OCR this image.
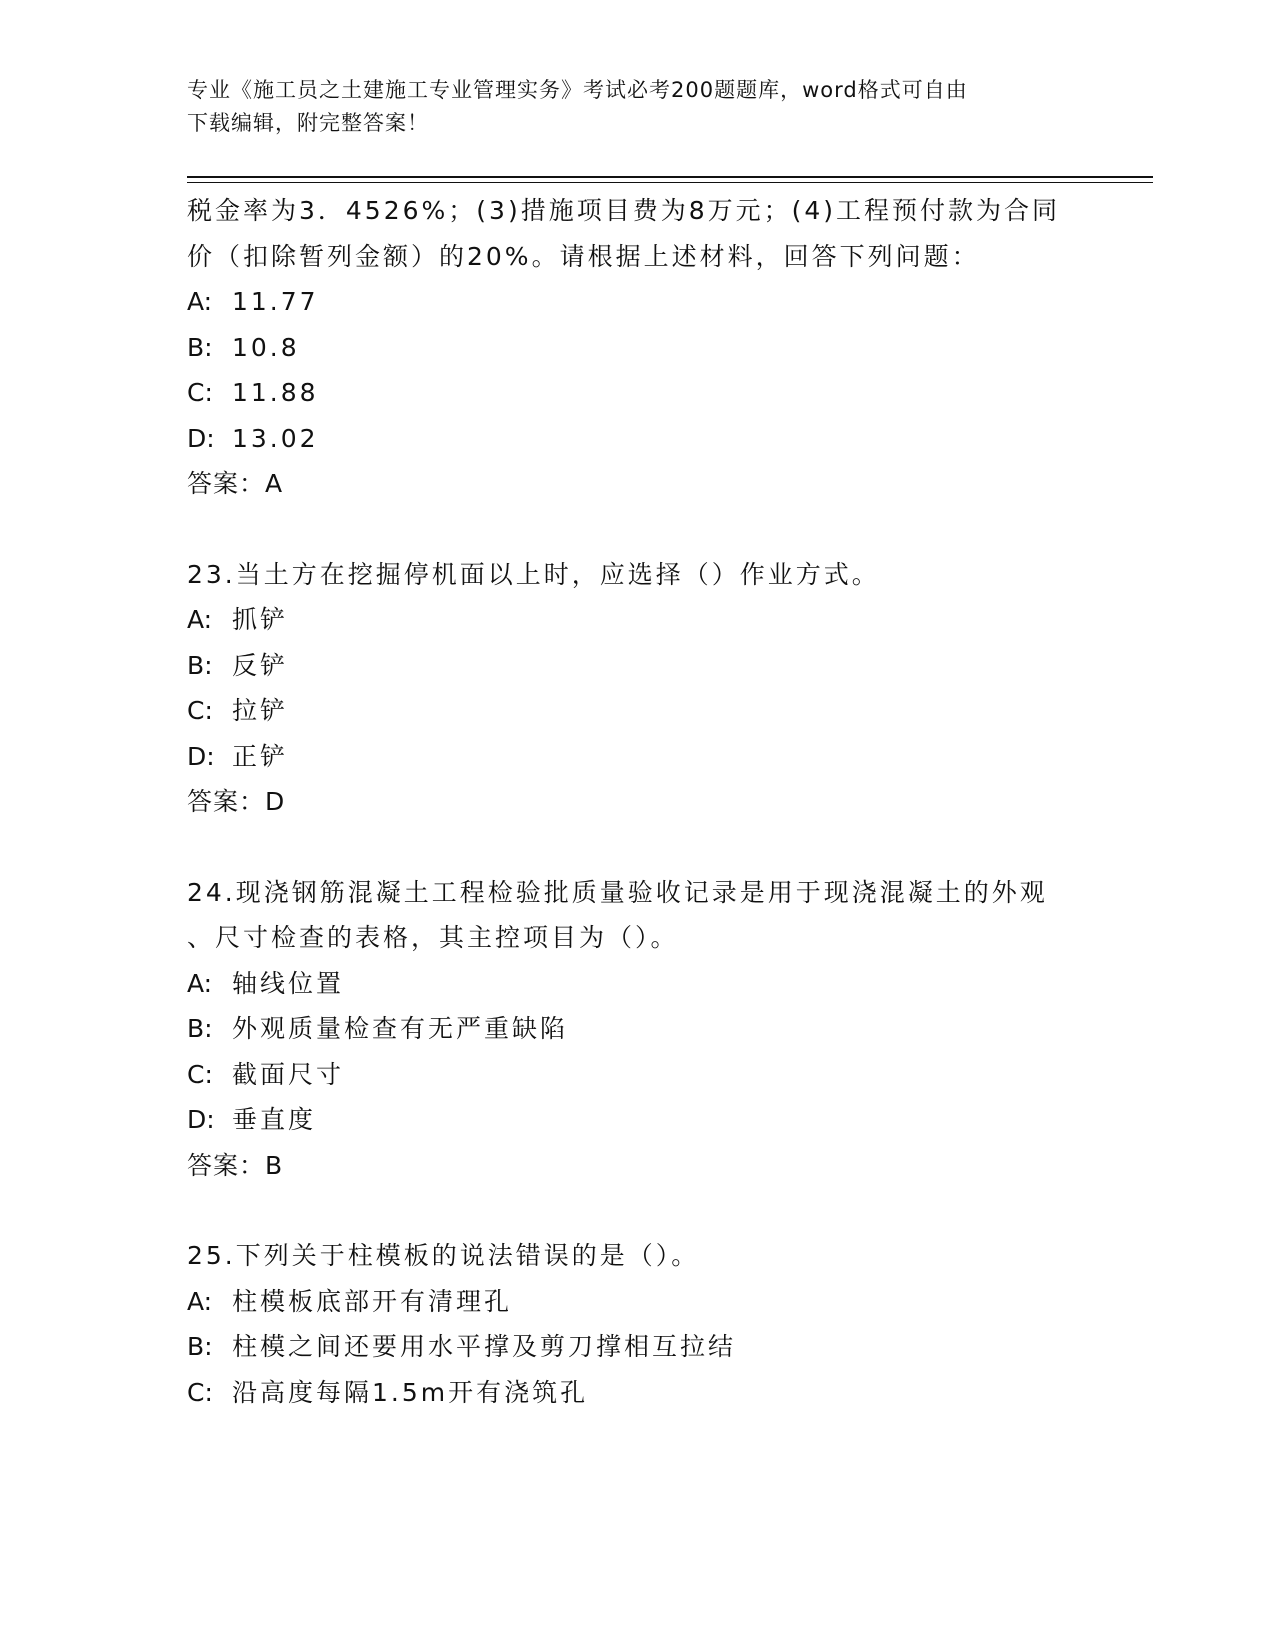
专业《施工员之土建施工专业管理实务》考试必考200题题库，word格式可自由
下载编辑，附完整答案！
税金率为3．4526%；(3)措施项目费为8万元；(4)工程预付款为合同
价（扣除暂列金额）的20%。请根据上述材料，回答下列问题：
A: 11.77
B: 10.8
C: 11.88
D: 13.02
答案：A
23.当土方在挖掘停机面以上时，应选择（）作业方式。
A: 抓铲
B: 反铲
C: 拉铲
D: 正铲
答案：D
24.现浇钢筋混凝土工程检验批质量验收记录是用于现浇混凝土的外观
、尺寸检查的表格，其主控项目为（）。
A: 轴线位置
B: 外观质量检查有无严重缺陷
C: 截面尺寸
D: 垂直度
答案：B
25.下列关于柱模板的说法错误的是（）。
A: 柱模板底部开有清理孔
B: 柱模之间还要用水平撑及剪刀撑相互拉结
C: 沿高度每隔1.5m开有浇筑孔
